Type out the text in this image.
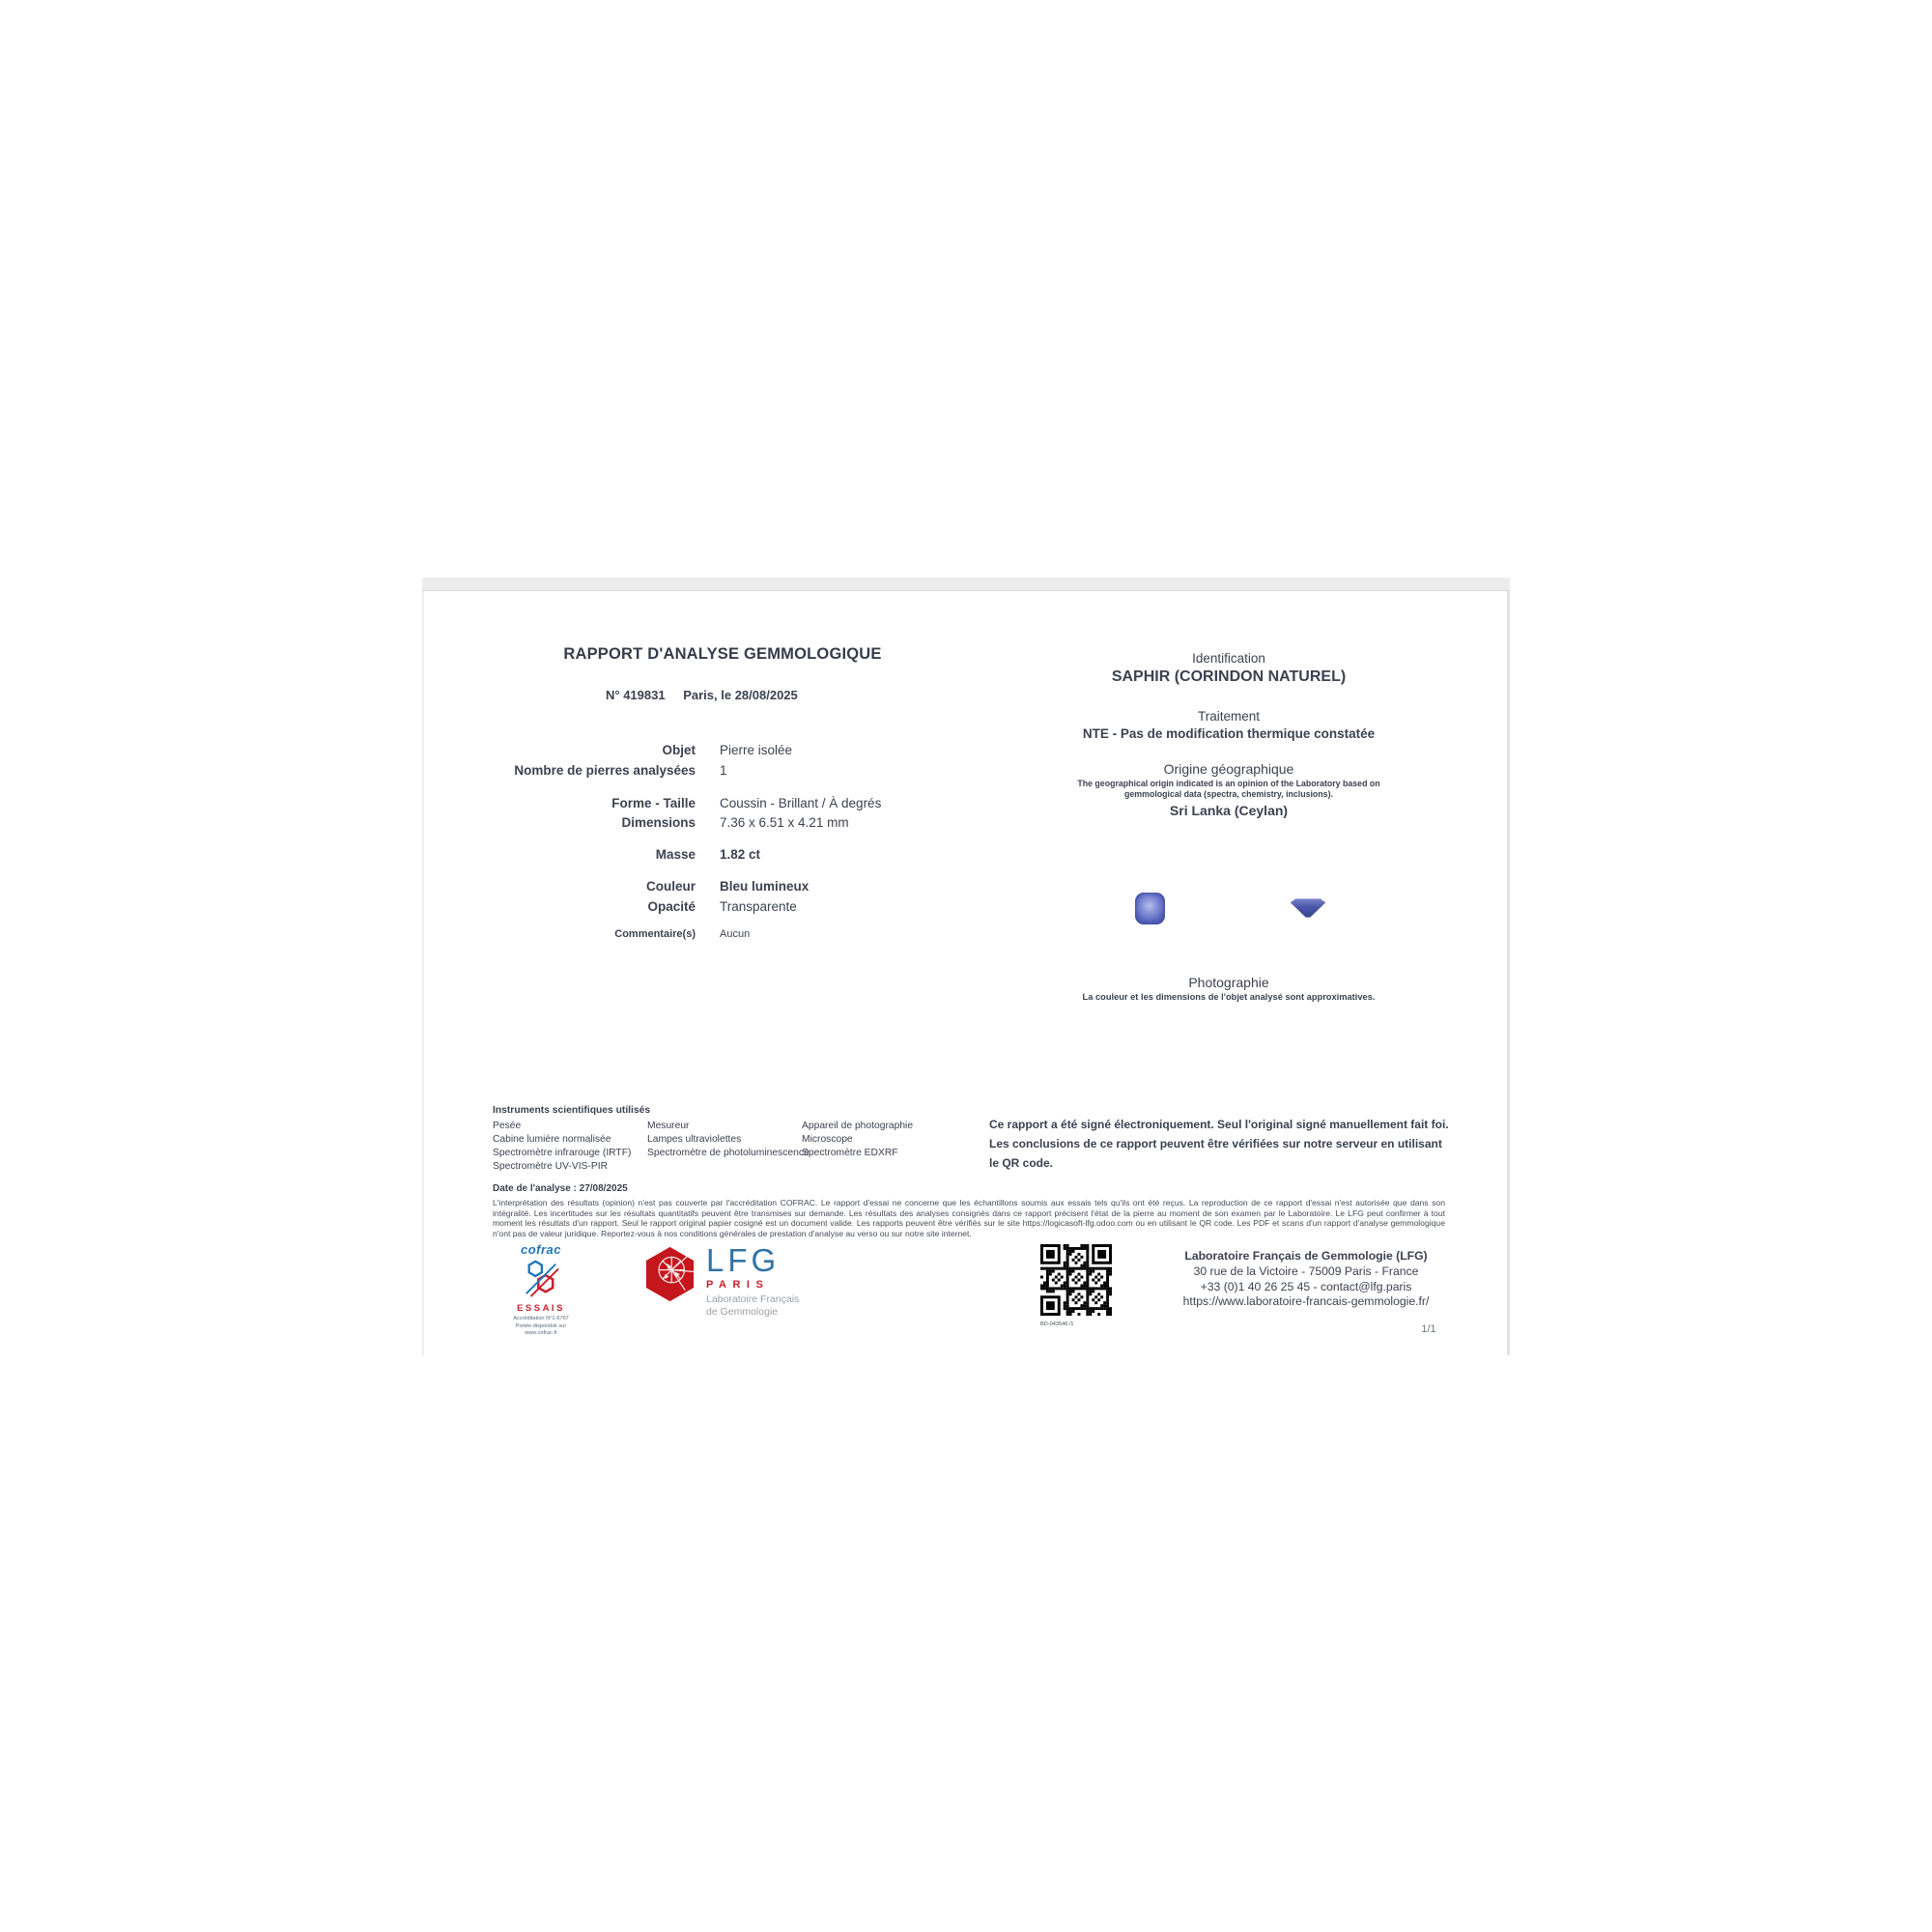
RAPPORT D'ANALYSE GEMMOLOGIQUE
N° 419831 Paris, le 28/08/2025
Objet Pierre isolée
Nombre de pierres analysées 1
Forme - Taille Coussin - Brillant / À degrés
Dimensions 7.36 x 6.51 x 4.21 mm
Masse 1.82 ct
Couleur Bleu lumineux
Opacité Transparente
Commentaire(s) Aucun
Identification
SAPHIR (CORINDON NATUREL)
Traitement
NTE - Pas de modification thermique constatée
Origine géographique
The geographical origin indicated is an opinion of the Laboratory based on gemmological data (spectra, chemistry, inclusions).
Sri Lanka (Ceylan)
Photographie
La couleur et les dimensions de l'objet analysé sont approximatives.
Instruments scientifiques utilisés
Pesée
Cabine lumière normalisée
Spectromètre infrarouge (IRTF)
Spectromètre UV-VIS-PIR
Mesureur
Lampes ultraviolettes
Spectromètre de photoluminescence
Appareil de photographie
Microscope
Spectromètre EDXRF
Ce rapport a été signé électroniquement. Seul l'original signé manuellement fait foi. Les conclusions de ce rapport peuvent être vérifiées sur notre serveur en utilisant le QR code.
Date de l'analyse : 27/08/2025
L'interprétation des résultats (opinion) n'est pas couverte par l'accréditation COFRAC. Le rapport d'essai ne concerne que les échantillons soumis aux essais tels qu'ils ont été reçus. La reproduction de ce rapport d'essai n'est autorisée que dans son intégralité. Les incertitudes sur les résultats quantitatifs peuvent être transmises sur demande. Les résultats des analyses consignés dans ce rapport précisent l'état de la pierre au moment de son examen par le Laboratoire. Le LFG peut confirmer à tout moment les résultats d'un rapport. Seul le rapport original papier cosigné est un document valide. Les rapports peuvent être vérifiés sur le site https://logicasoft-lfg.odoo.com ou en utilisant le QR code. Les PDF et scans d'un rapport d'analyse gemmologique n'ont pas de valeur juridique. Reportez-vous à nos conditions générales de prestation d'analyse au verso ou sur notre site internet.
cofrac
ESSAIS
Accréditation N°1-6767
Portée disponible sur
www.cofrac.fr
LFG
PARIS
Laboratoire Français
de Gemmologie
BD-043546 /1
Laboratoire Français de Gemmologie (LFG)
30 rue de la Victoire - 75009 Paris - France
+33 (0)1 40 26 25 45 - contact@lfg.paris
https://www.laboratoire-francais-gemmologie.fr/
1/1
